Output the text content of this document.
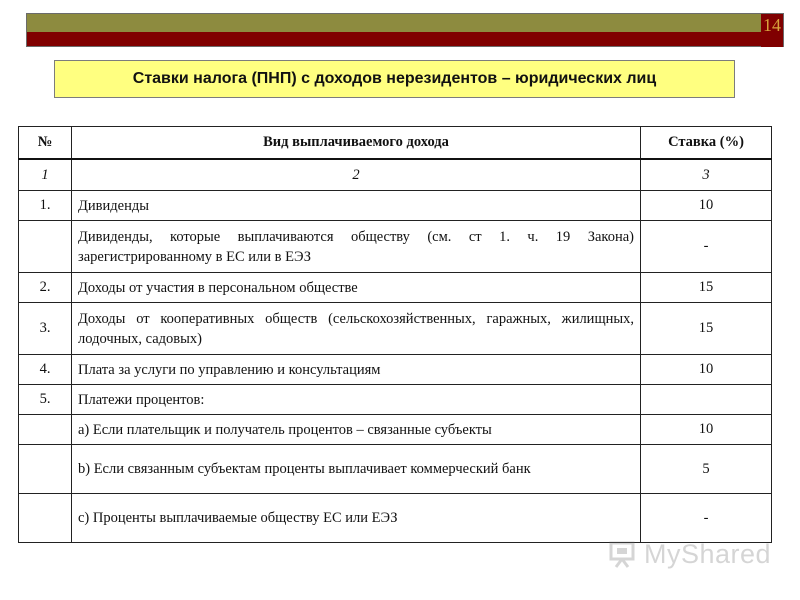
14
Ставки налога (ПНП) с доходов нерезидентов – юридических лиц
№	Вид выплачиваемого дохода	Ставка (%)
1	2	3
1.	Дивиденды	10
	Дивиденды, которые выплачиваются обществу (см. ст 1. ч. 19 Закона) зарегистрированному в ЕС или в ЕЭЗ	-
2.	Доходы от участия в персональном обществе	15
3.	Доходы от кооперативных обществ (сельскохозяйственных, гаражных, жилищных, лодочных, садовых)	15
4.	Плата за услуги по управлению и консультациям	10
5.	Платежи процентов:	
	a) Если плательщик и получатель процентов – связанные субъекты	10
	b) Если связанным субъектам проценты выплачивает коммерческий банк	5
	c) Проценты выплачиваемые обществу ЕС или ЕЭЗ	-
MyShared
